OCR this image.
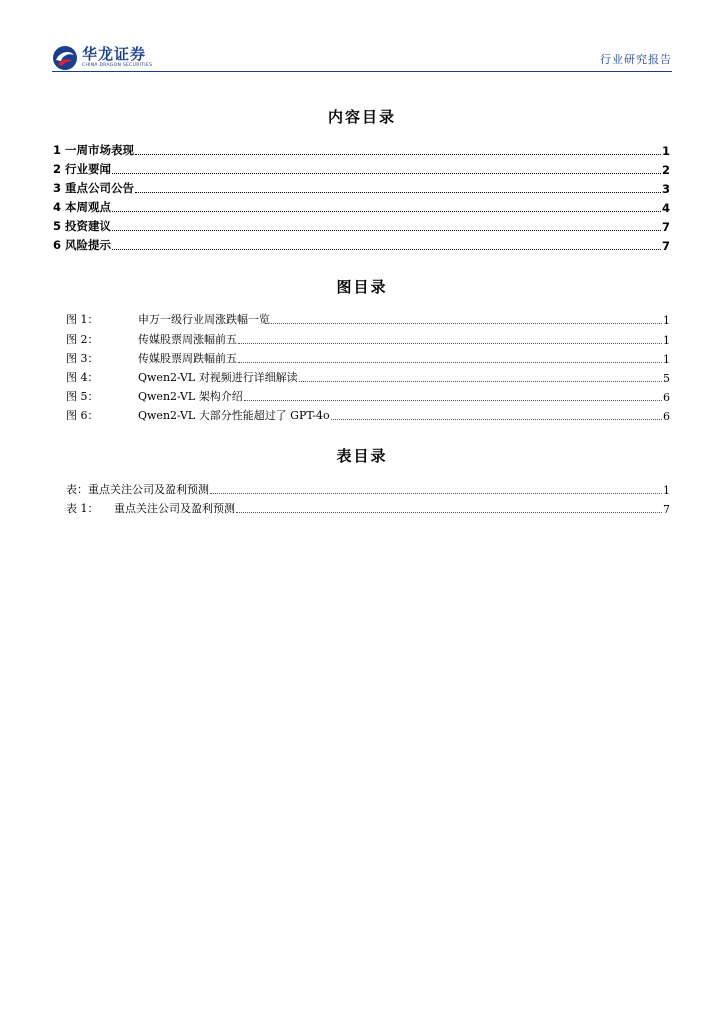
华龙证券
CHINA DRAGON SECURITIES	行业研究报告
内容目录
1 一周市场表现	1
2 行业要闻	2
3 重点公司公告	3
4 本周观点	4
5 投资建议	7
6 风险提示	7
图目录
图 1：	申万一级行业周涨跌幅一览	1
图 2：	传媒股票周涨幅前五	1
图 3：	传媒股票周跌幅前五	1
图 4：	Qwen2-VL 对视频进行详细解读	5
图 5：	Qwen2-VL 架构介绍	6
图 6：	Qwen2-VL 大部分性能超过了 GPT-4o	6
表目录
表：重点关注公司及盈利预测	1
表 1： 重点关注公司及盈利预测	7
